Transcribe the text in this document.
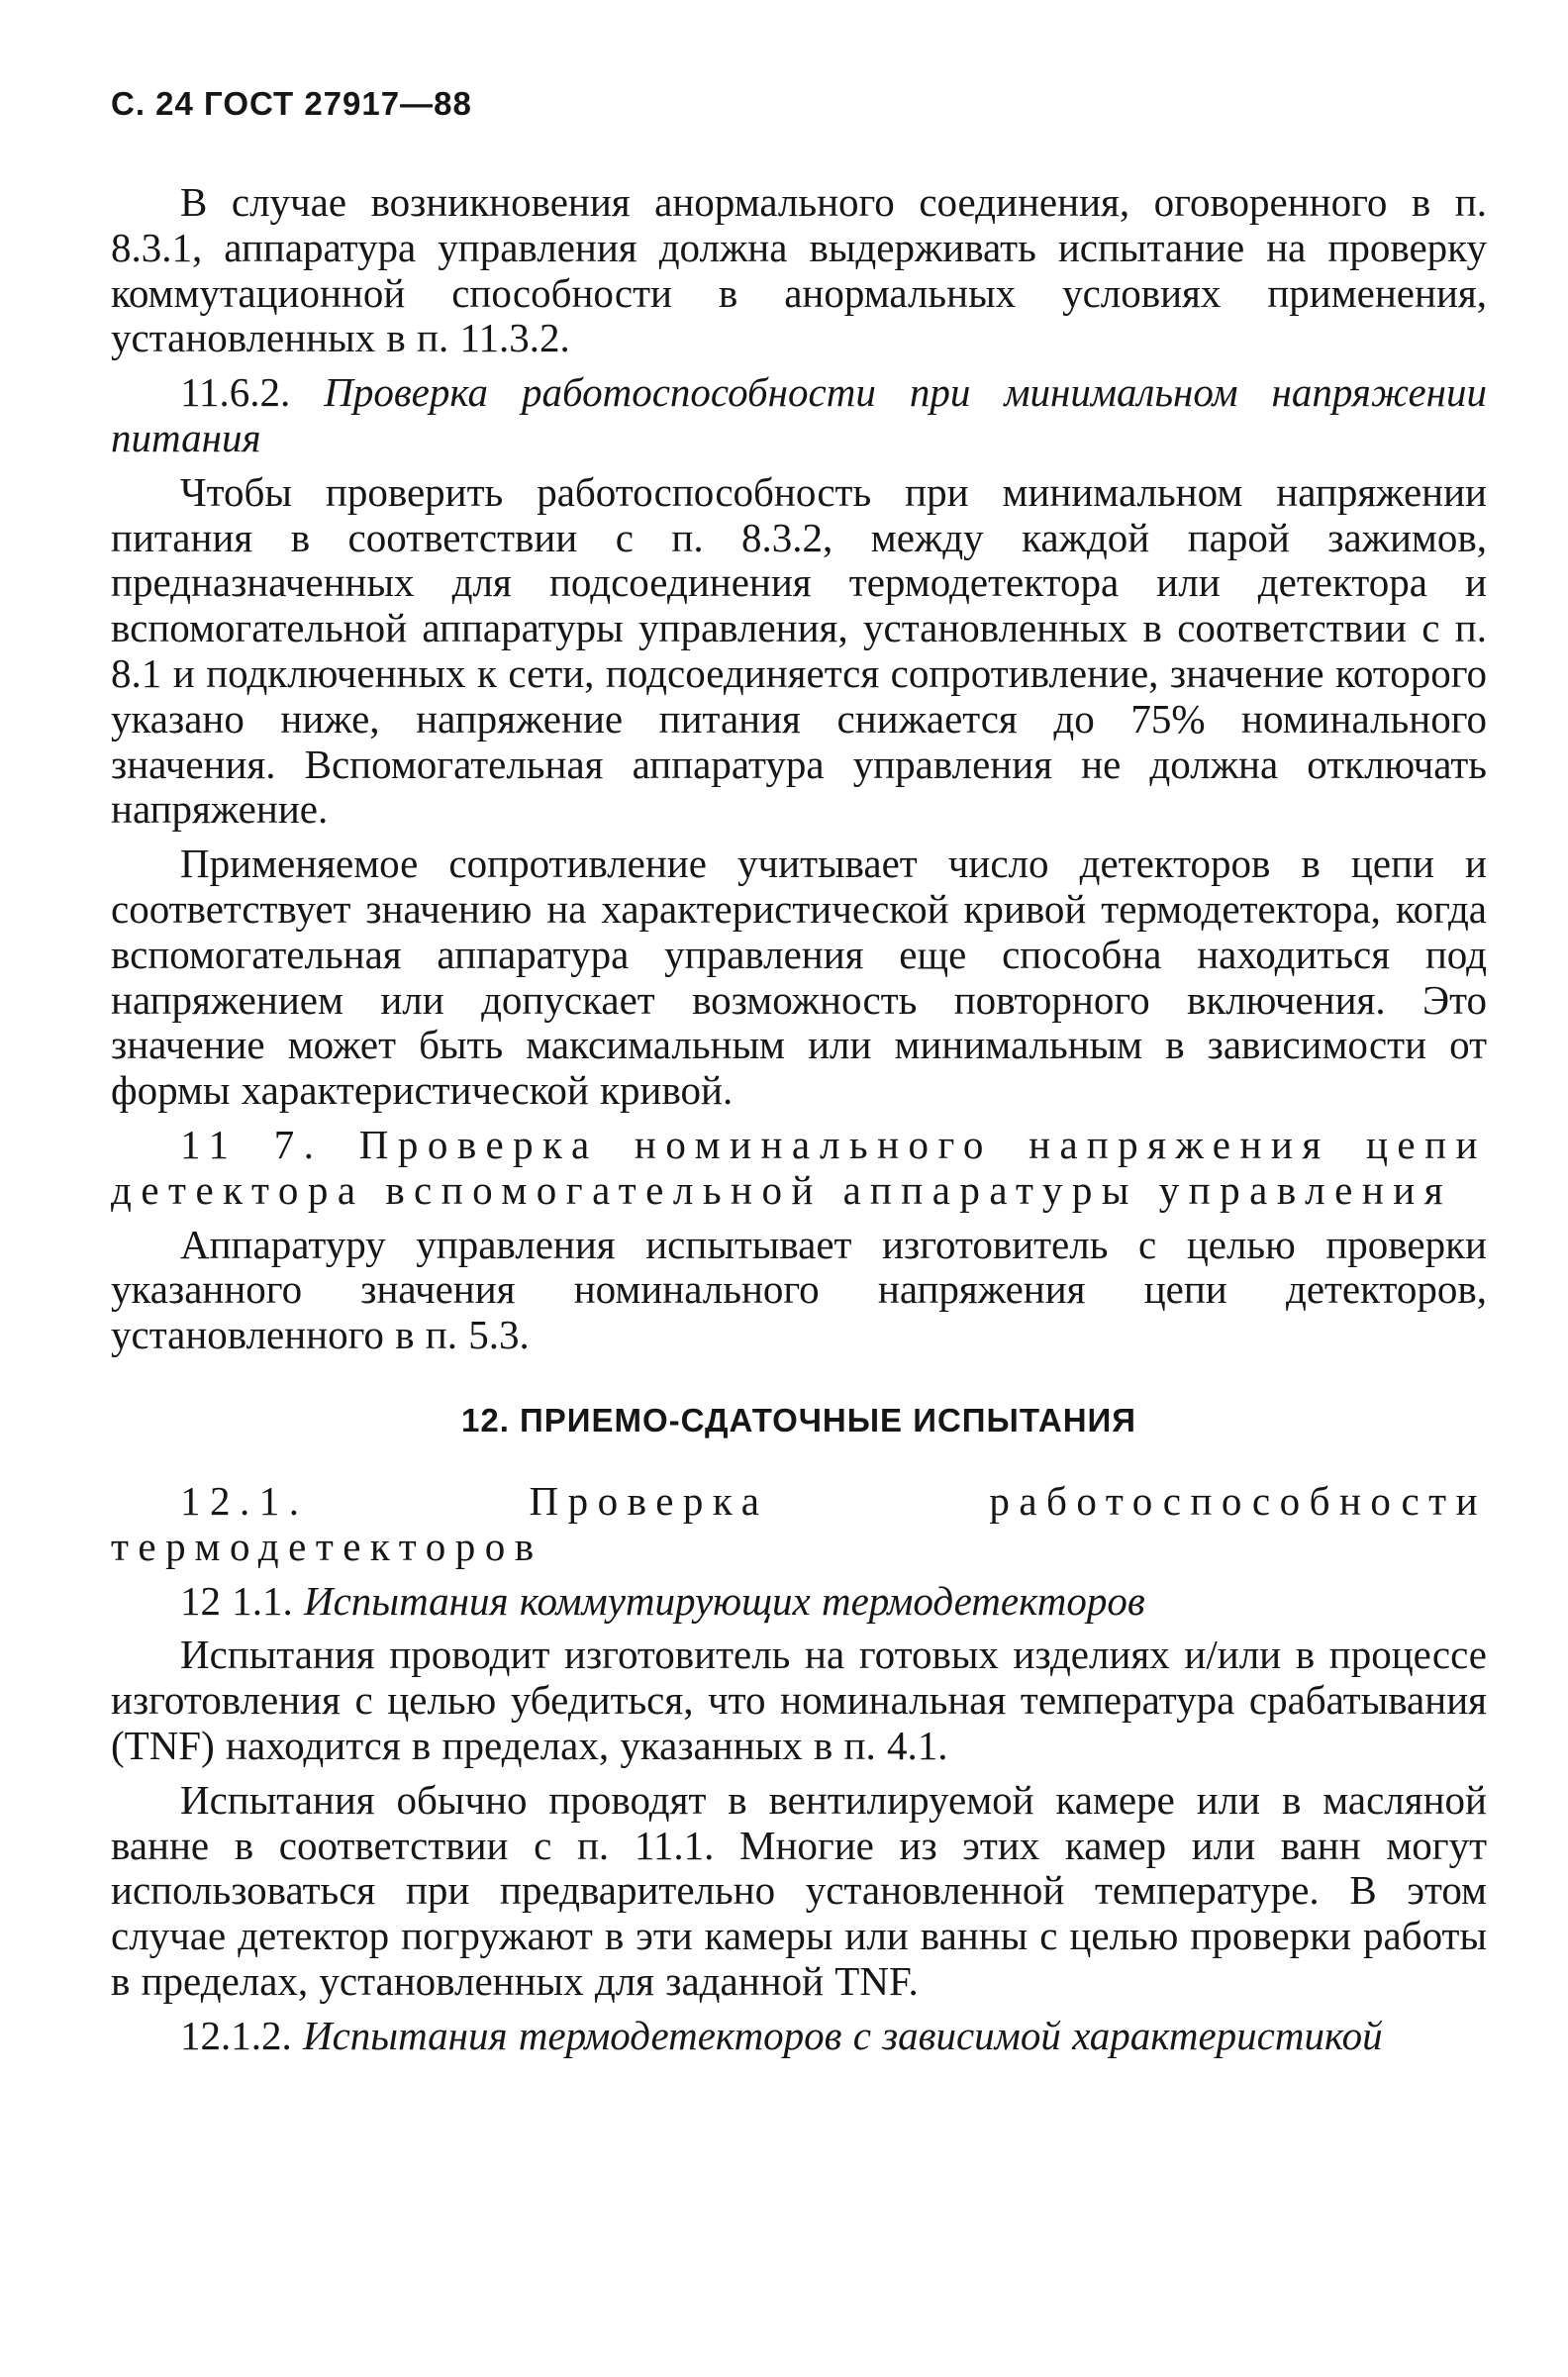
С. 24 ГОСТ 27917—88

В случае возникновения анормального соединения, оговоренного в п. 8.3.1, аппаратура управления должна выдерживать испытание на проверку коммутационной способности в анормальных условиях применения, установленных в п. 11.3.2.

11.6.2. Проверка работоспособности при минимальном напряжении питания

Чтобы проверить работоспособность при минимальном напряжении питания в соответствии с п. 8.3.2, между каждой парой зажимов, предназначенных для подсоединения термодетектора или детектора и вспомогательной аппаратуры управления, установленных в соответствии с п. 8.1 и подключенных к сети, подсоединяется сопротивление, значение которого указано ниже, напряжение питания снижается до 75% номинального значения. Вспомогательная аппаратура управления не должна отключать напряжение.

Применяемое сопротивление учитывает число детекторов в цепи и соответствует значению на характеристической кривой термодетектора, когда вспомогательная аппаратура управления еще способна находиться под напряжением или допускает возможность повторного включения. Это значение может быть максимальным или минимальным в зависимости от формы характеристической кривой.

11 7. Проверка номинального напряжения цепи детектора вспомогательной аппаратуры управления

Аппаратуру управления испытывает изготовитель с целью проверки указанного значения номинального напряжения цепи детекторов, установленного в п. 5.3.

12. ПРИЕМО-СДАТОЧНЫЕ ИСПЫТАНИЯ

12.1.	Проверка работоспособности термодетекторов

12 1.1. Испытания коммутирующих термодетекторов

Испытания проводит изготовитель на готовых изделиях и/или в процессе изготовления с целью убедиться, что номинальная температура срабатывания (TNF) находится в пределах, указанных в п. 4.1.

Испытания обычно проводят в вентилируемой камере или в масляной ванне в соответствии с п. 11.1. Многие из этих камер или ванн могут использоваться при предварительно установленной температуре. В этом случае детектор погружают в эти камеры или ванны с целью проверки работы в пределах, установленных для заданной TNF.

12.1.2. Испытания термодетекторов с зависимой характеристикой
